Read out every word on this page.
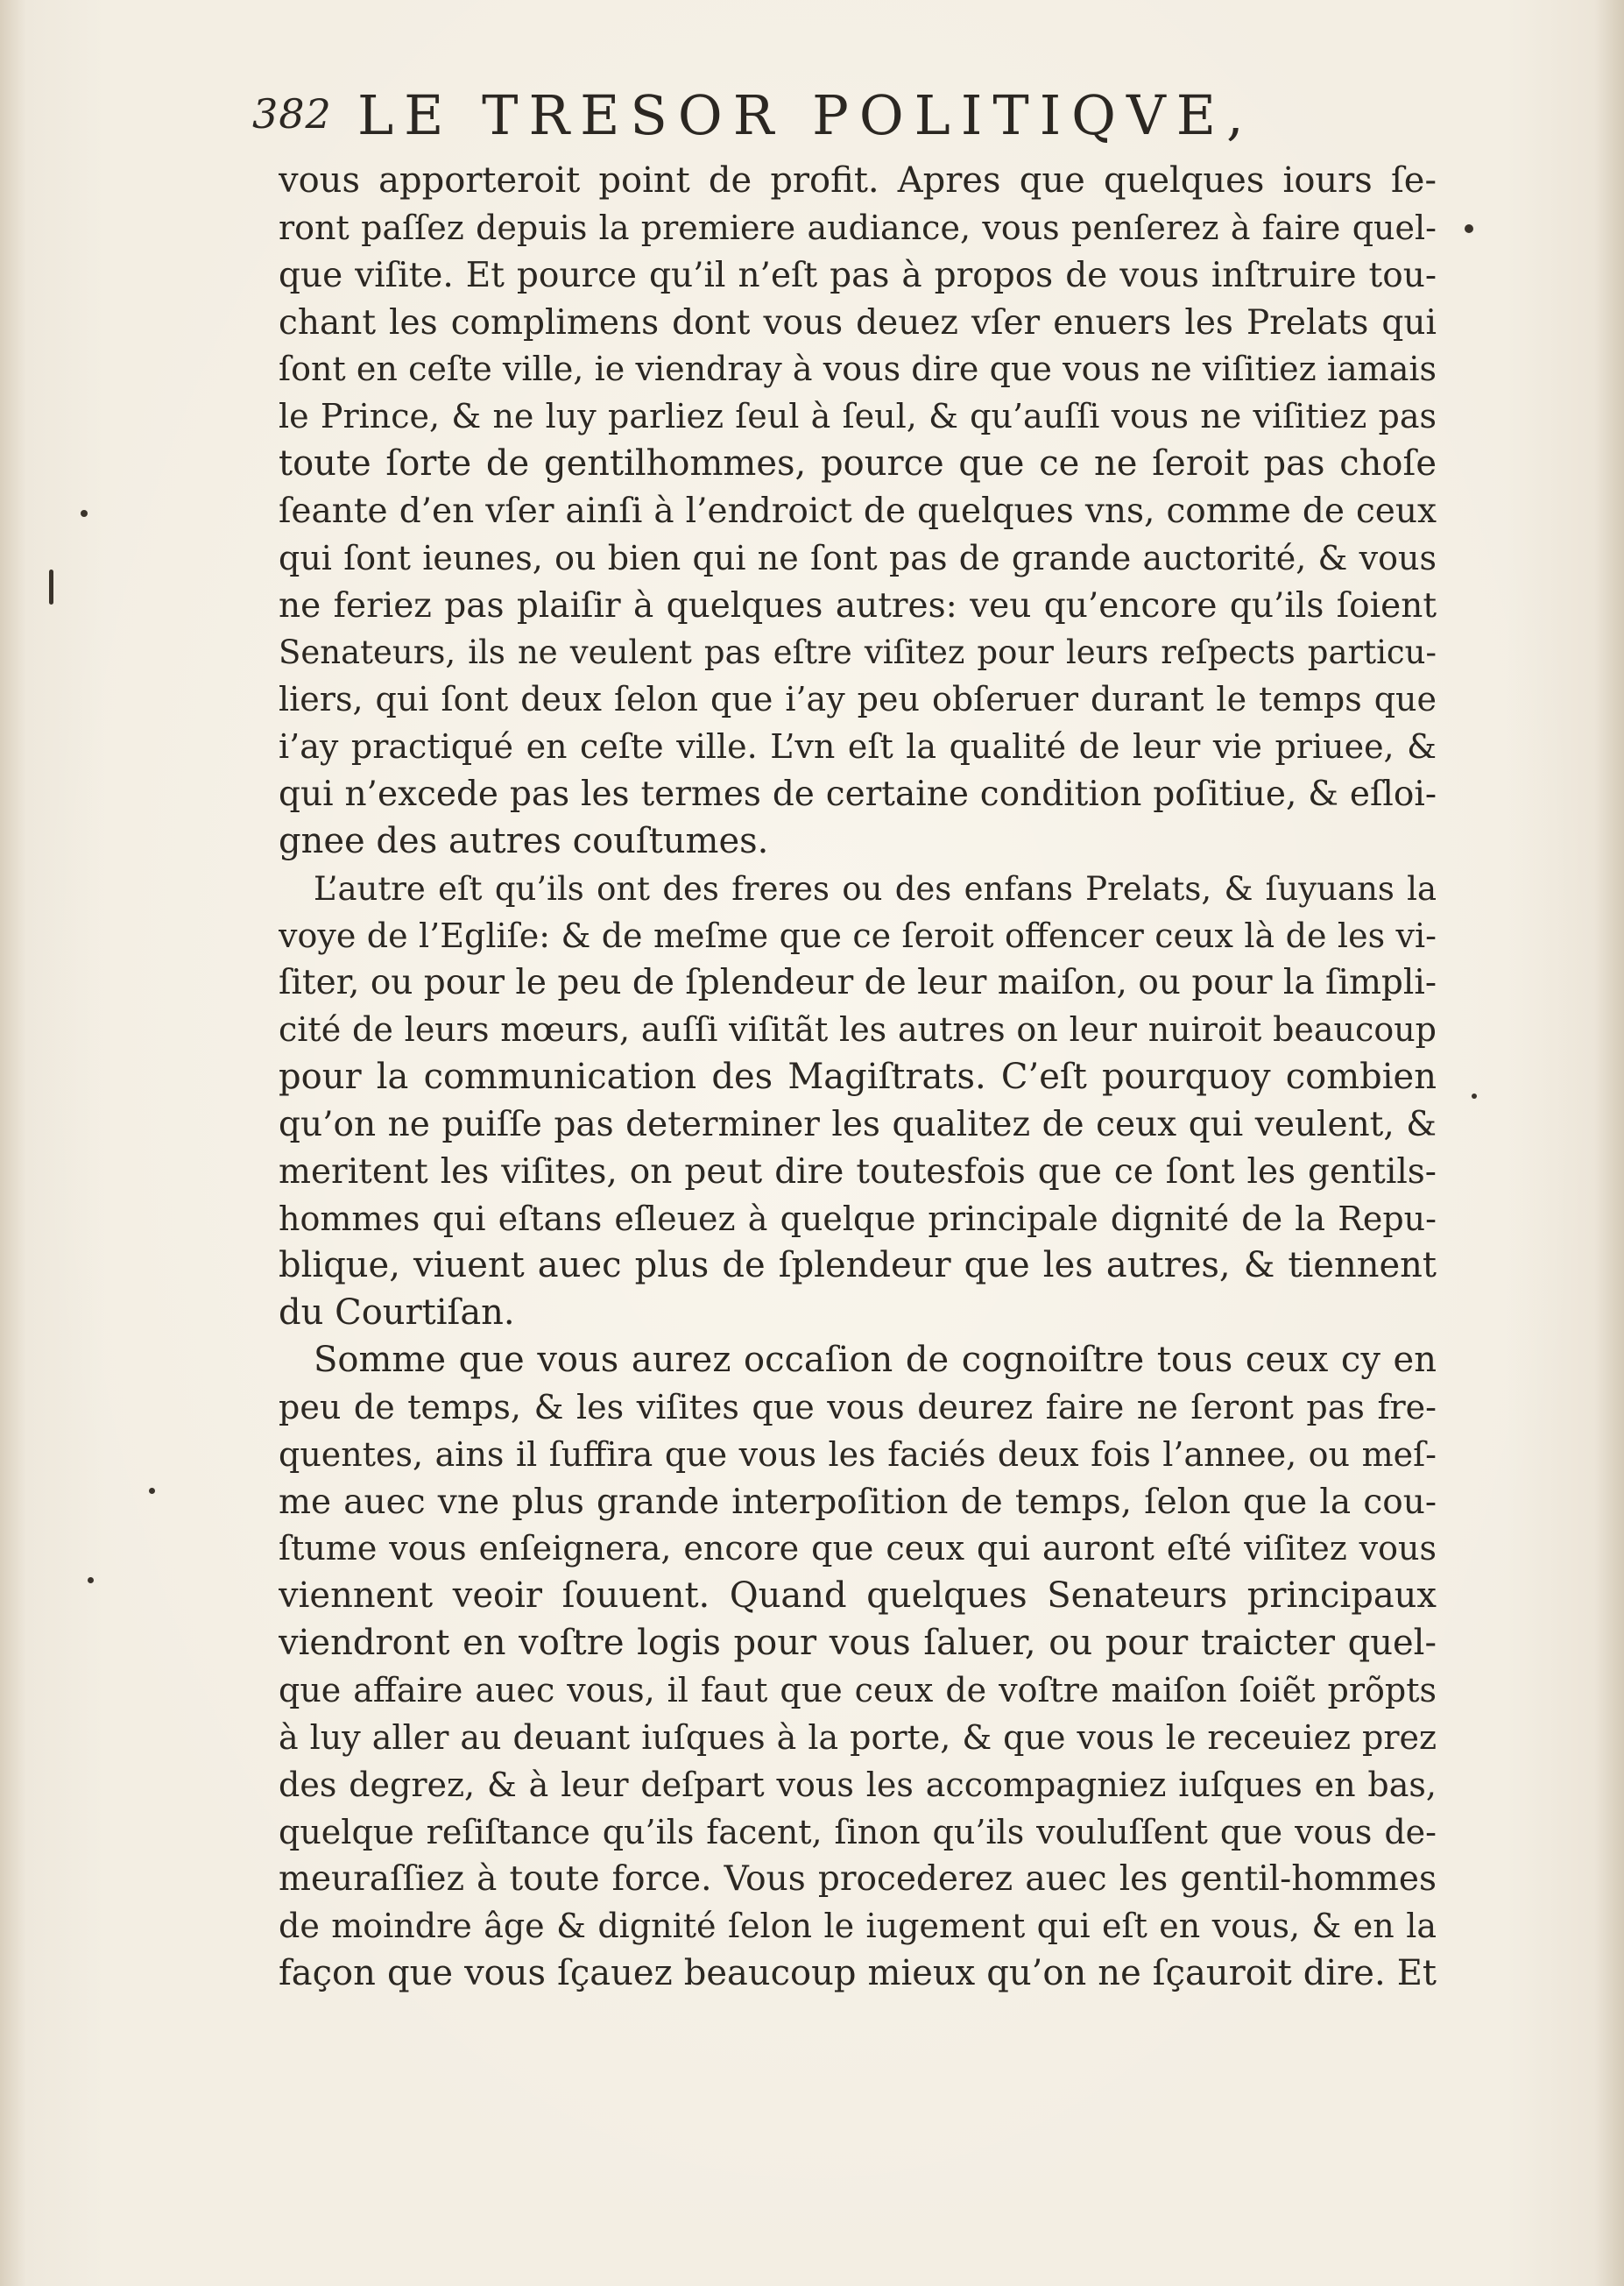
382 LE TRESOR POLITIQVE,
vous apporteroit point de profit. Apres que quelques iours ſe-
ront paſſez depuis la premiere audiance, vous penſerez à faire quel-
que viſite. Et pource qu’il n’eſt pas à propos de vous inſtruire tou-
chant les complimens dont vous deuez vſer enuers les Prelats qui
ſont en ceſte ville, ie viendray à vous dire que vous ne viſitiez iamais
le Prince, & ne luy parliez ſeul à ſeul, & qu’auſſi vous ne viſitiez pas
toute ſorte de gentilhommes, pource que ce ne ſeroit pas choſe
ſeante d’en vſer ainſi à l’endroict de quelques vns, comme de ceux
qui ſont ieunes, ou bien qui ne ſont pas de grande auctorité, & vous
ne feriez pas plaiſir à quelques autres: veu qu’encore qu’ils ſoient
Senateurs, ils ne veulent pas eſtre viſitez pour leurs reſpects particu-
liers, qui ſont deux ſelon que i’ay peu obſeruer durant le temps que
i’ay practiqué en ceſte ville. L’vn eſt la qualité de leur vie priuee, &
qui n’excede pas les termes de certaine condition poſitiue, & eſloi-
gnee des autres couſtumes.
L’autre eſt qu’ils ont des freres ou des enfans Prelats, & ſuyuans la
voye de l’Egliſe: & de meſme que ce ſeroit offencer ceux là de les vi-
ſiter, ou pour le peu de ſplendeur de leur maiſon, ou pour la ſimpli-
cité de leurs mœurs, auſſi viſitãt les autres on leur nuiroit beaucoup
pour la communication des Magiſtrats. C’eſt pourquoy combien
qu’on ne puiſſe pas determiner les qualitez de ceux qui veulent, &
meritent les viſites, on peut dire toutesfois que ce ſont les gentils-
hommes qui eſtans eſleuez à quelque principale dignité de la Repu-
blique, viuent auec plus de ſplendeur que les autres, & tiennent
du Courtiſan.
Somme que vous aurez occaſion de cognoiſtre tous ceux cy en
peu de temps, & les viſites que vous deurez faire ne ſeront pas fre-
quentes, ains il ſuffira que vous les faciés deux fois l’annee, ou meſ-
me auec vne plus grande interpoſition de temps, ſelon que la cou-
ſtume vous enſeignera, encore que ceux qui auront eſté viſitez vous
viennent veoir ſouuent. Quand quelques Senateurs principaux
viendront en voſtre logis pour vous ſaluer, ou pour traicter quel-
que affaire auec vous, il faut que ceux de voſtre maiſon ſoiẽt prõpts
à luy aller au deuant iuſques à la porte, & que vous le receuiez prez
des degrez, & à leur deſpart vous les accompagniez iuſques en bas,
quelque reſiſtance qu’ils facent, ſinon qu’ils vouluſſent que vous de-
meuraſſiez à toute force. Vous procederez auec les gentil-hommes
de moindre âge & dignité ſelon le iugement qui eſt en vous, & en la
façon que vous ſçauez beaucoup mieux qu’on ne ſçauroit dire. Et
